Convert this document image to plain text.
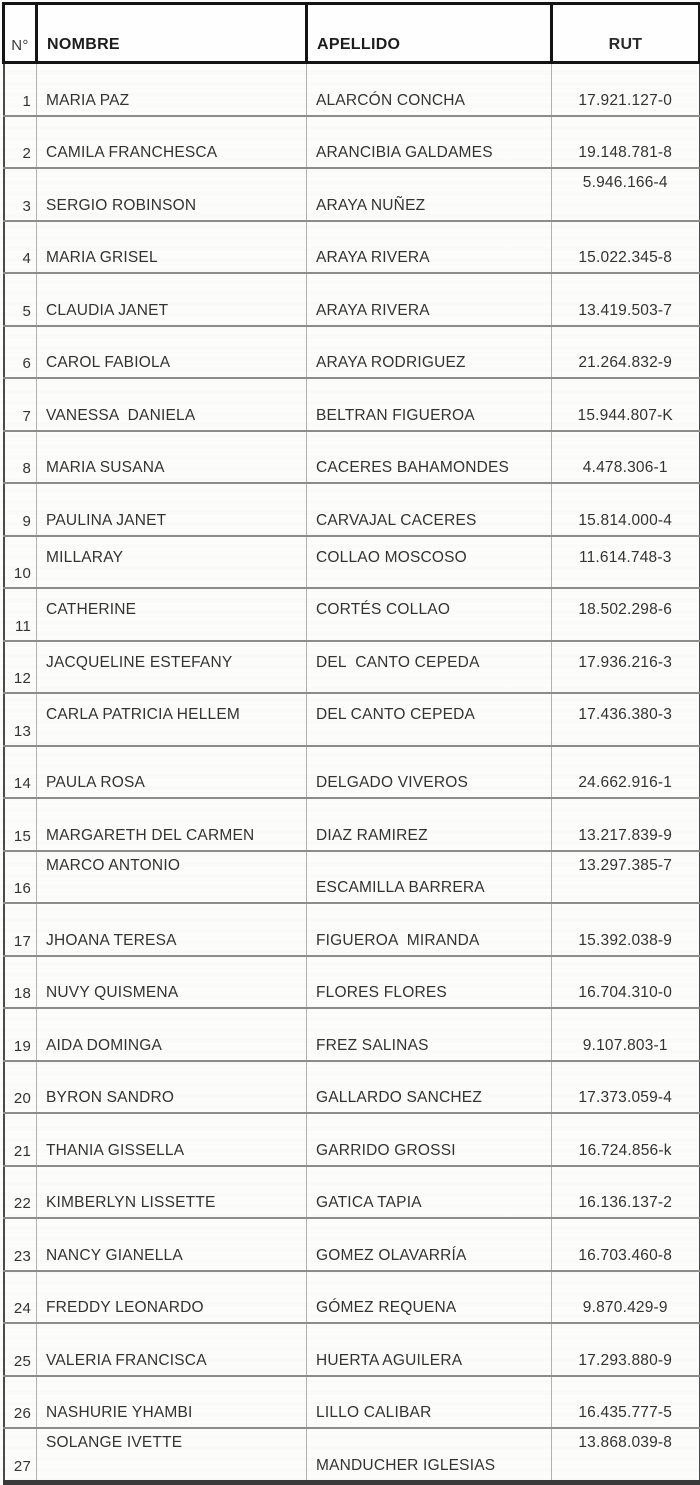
N°	NOMBRE	APELLIDO	RUT

1	MARIA PAZ	ALARCÓN CONCHA	17.921.127-0

2	CAMILA FRANCHESCA	ARANCIBIA GALDAMES	19.148.781-8

3	SERGIO ROBINSON	ARAYA NUÑEZ	5.946.166-4

4	MARIA GRISEL	ARAYA RIVERA	15.022.345-8

5	CLAUDIA JANET	ARAYA RIVERA	13.419.503-7

6	CAROL FABIOLA	ARAYA RODRIGUEZ	21.264.832-9

7	VANESSA  DANIELA	BELTRAN FIGUEROA	15.944.807-K

8	MARIA SUSANA	CACERES BAHAMONDES	4.478.306-1

9	PAULINA JANET	CARVAJAL CACERES	15.814.000-4

10	MILLARAY	COLLAO MOSCOSO	11.614.748-3

11	CATHERINE	CORTÉS COLLAO	18.502.298-6

12	JACQUELINE ESTEFANY	DEL  CANTO CEPEDA	17.936.216-3

13	CARLA PATRICIA HELLEM	DEL CANTO CEPEDA	17.436.380-3

14	PAULA ROSA	DELGADO VIVEROS	24.662.916-1

15	MARGARETH DEL CARMEN	DIAZ RAMIREZ	13.217.839-9

16	MARCO ANTONIO	ESCAMILLA BARRERA	13.297.385-7

17	JHOANA TERESA	FIGUEROA  MIRANDA	15.392.038-9

18	NUVY QUISMENA	FLORES FLORES	16.704.310-0

19	AIDA DOMINGA	FREZ SALINAS	9.107.803-1

20	BYRON SANDRO	GALLARDO SANCHEZ	17.373.059-4

21	THANIA GISSELLA	GARRIDO GROSSI	16.724.856-k

22	KIMBERLYN LISSETTE	GATICA TAPIA	16.136.137-2

23	NANCY GIANELLA	GOMEZ OLAVARRÍA	16.703.460-8

24	FREDDY LEONARDO	GÓMEZ REQUENA	9.870.429-9

25	VALERIA FRANCISCA	HUERTA AGUILERA	17.293.880-9

26	NASHURIE YHAMBI	LILLO CALIBAR	16.435.777-5

27	SOLANGE IVETTE	MANDUCHER IGLESIAS	13.868.039-8
